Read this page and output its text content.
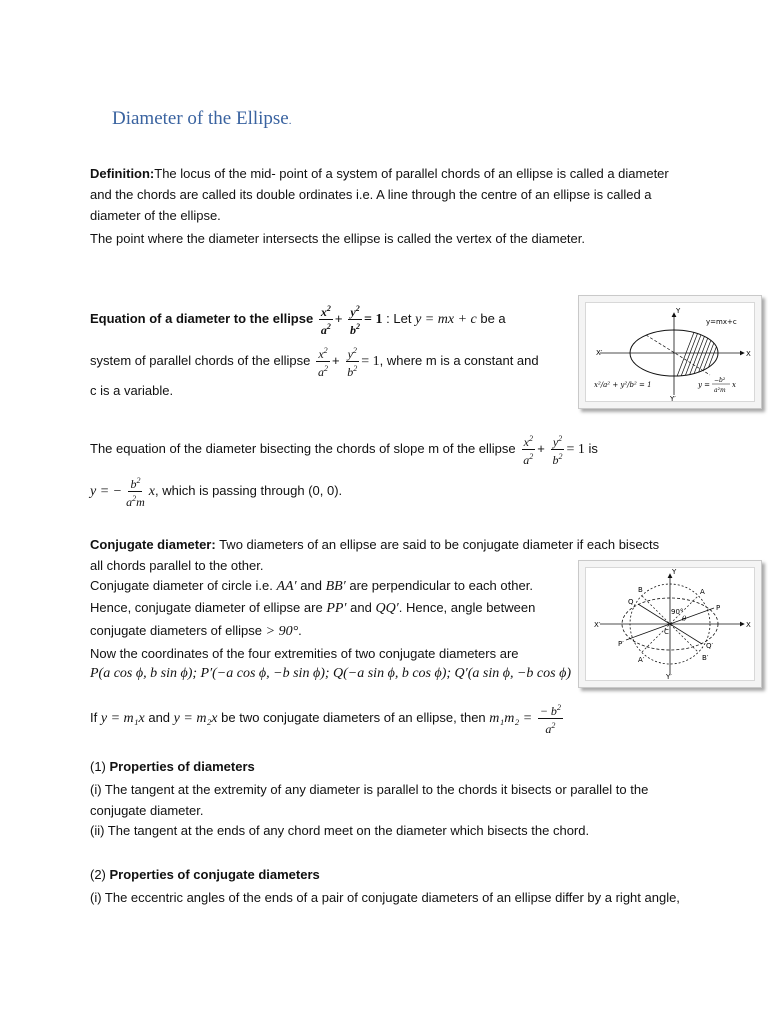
Diameter of the Ellipse.
Definition:The locus of the mid- point of a system of parallel chords of an ellipse is called a diameter and the chords are called its double ordinates i.e. A line through the centre of an ellipse is called a diameter of the ellipse.
The point where the diameter intersects the ellipse is called the vertex of the diameter.
Equation of a diameter to the ellipse $\frac{x^2}{a^2} + \frac{y^2}{b^2} = 1$ : Let y = mx + c be a
system of parallel chords of the ellipse $\frac{x^2}{a^2} + \frac{y^2}{b^2} = 1$, where m is a constant and
c is a variable.
The equation of the diameter bisecting the chords of slope m of the ellipse $\frac{x^2}{a^2} + \frac{y^2}{b^2} = 1$ is
y = − $\frac{b^2}{a^2m} x$, which is passing through (0, 0).
Conjugate diameter: Two diameters of an ellipse are said to be conjugate diameter if each bisects all chords parallel to the other.
Conjugate diameter of circle i.e. AA′ and BB′ are perpendicular to each other.
Hence, conjugate diameter of ellipse are PP′ and QQ′. Hence, angle between
conjugate diameters of ellipse > 90°.
Now the coordinates of the four extremities of two conjugate diameters are
P(a cos ϕ, b sin ϕ); P′(−a cos ϕ, −b sin ϕ); Q(−a sin ϕ, b cos ϕ); Q′(a sin ϕ, −b cos ϕ)
If y = m₁x and y = m₂x be two conjugate diameters of an ellipse, then $m_1m_2 = \frac{- b^2}{a^2}$
(1) Properties of diameters
(i) The tangent at the extremity of any diameter is parallel to the chords it bisects or parallel to the conjugate diameter.
(ii) The tangent at the ends of any chord meet on the diameter which bisects the chord.
(2) Properties of conjugate diameters
(i) The eccentric angles of the ends of a pair of conjugate diameters of an ellipse differ by a right angle,
Y
Y′
X
X′
y=mx+c
x²/a² + y²/b² = 1	y =
−b²
a²m
x
Y
Y′
X
X′
90°
θ
C
A
B
P
Q
A′	B′
P′	Q′
